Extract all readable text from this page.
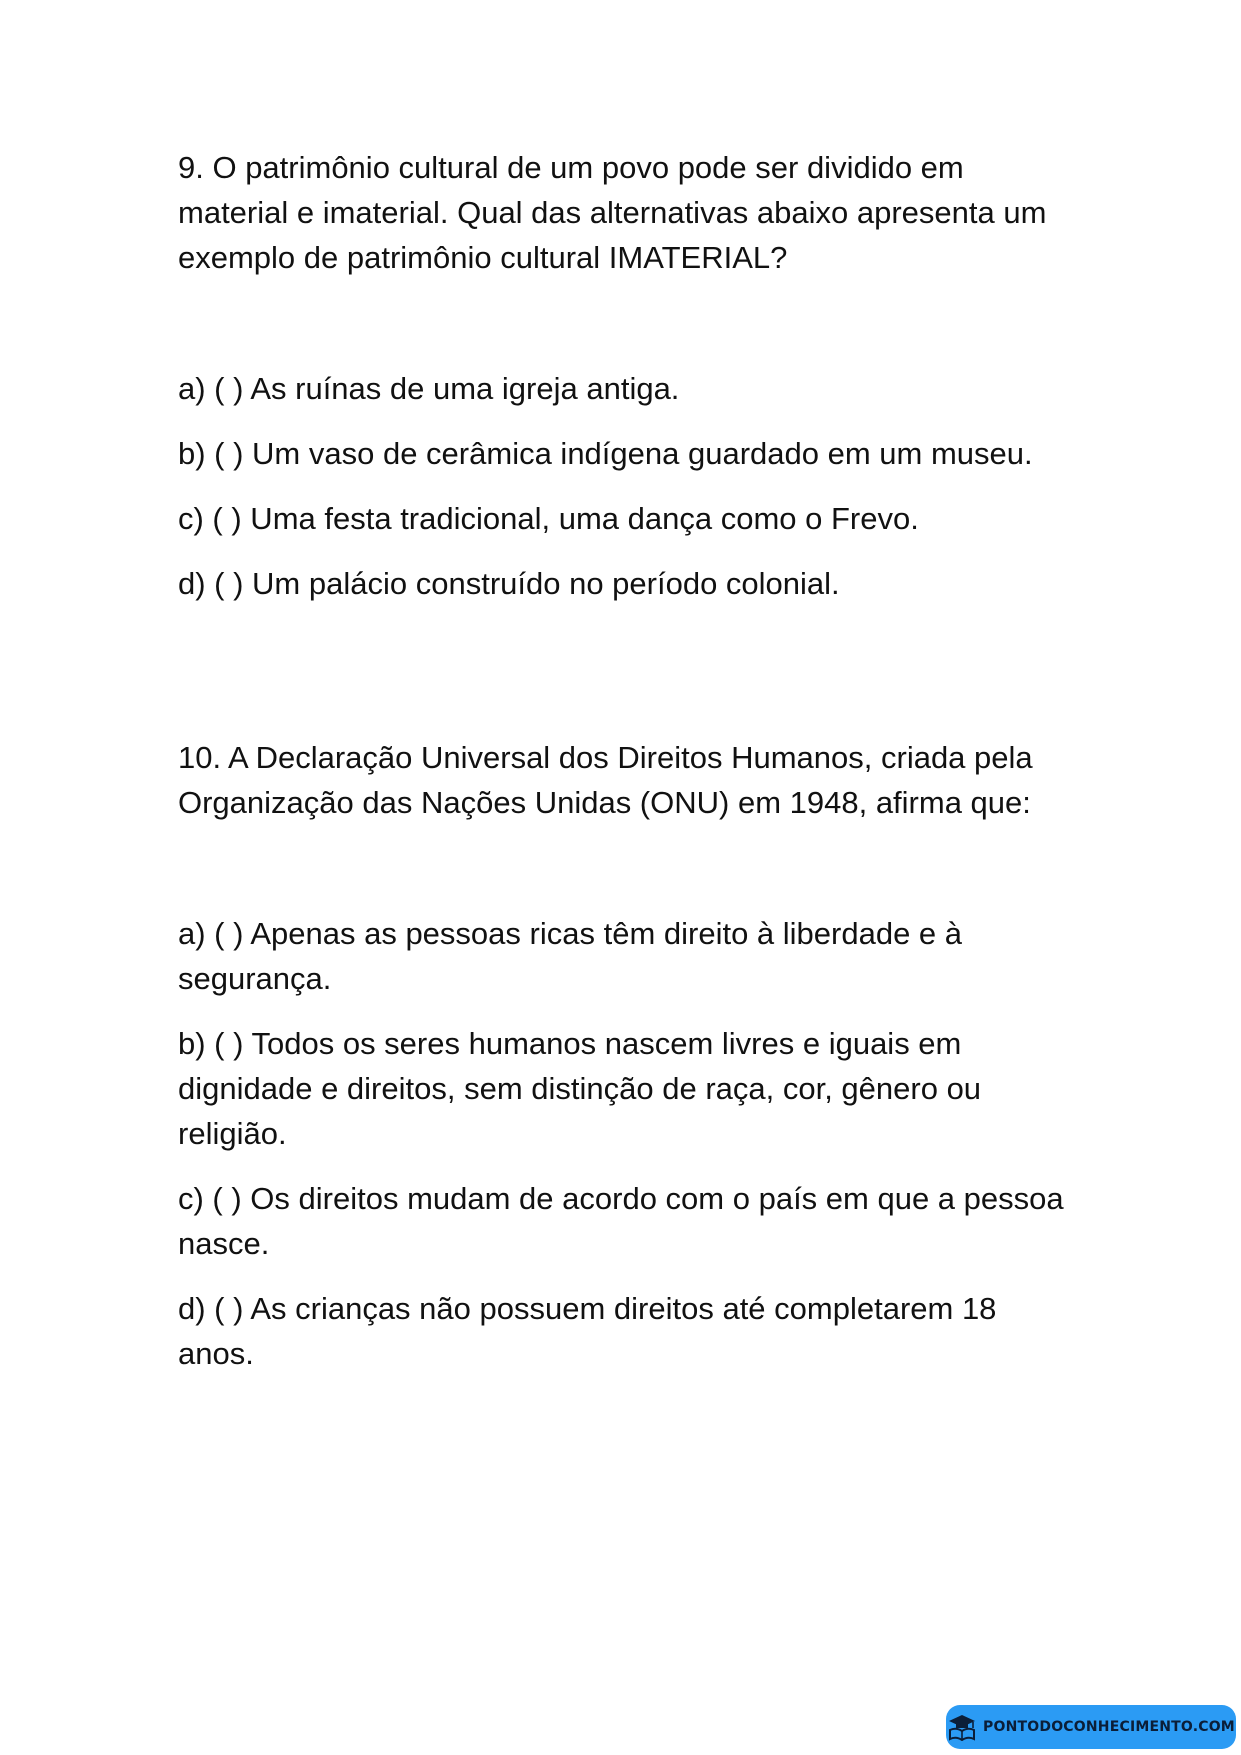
9. O patrimônio cultural de um povo pode ser dividido em material e imaterial. Qual das alternativas abaixo apresenta um exemplo de patrimônio cultural IMATERIAL?

a) ( ) As ruínas de uma igreja antiga.

b) ( ) Um vaso de cerâmica indígena guardado em um museu.

c) ( ) Uma festa tradicional, uma dança como o Frevo.

d) ( ) Um palácio construído no período colonial.

10. A Declaração Universal dos Direitos Humanos, criada pela Organização das Nações Unidas (ONU) em 1948, afirma que:

a) ( ) Apenas as pessoas ricas têm direito à liberdade e à segurança.

b) ( ) Todos os seres humanos nascem livres e iguais em dignidade e direitos, sem distinção de raça, cor, gênero ou religião.

c) ( ) Os direitos mudam de acordo com o país em que a pessoa nasce.

d) ( ) As crianças não possuem direitos até completarem 18 anos.

PONTODOCONHECIMENTO.COM
